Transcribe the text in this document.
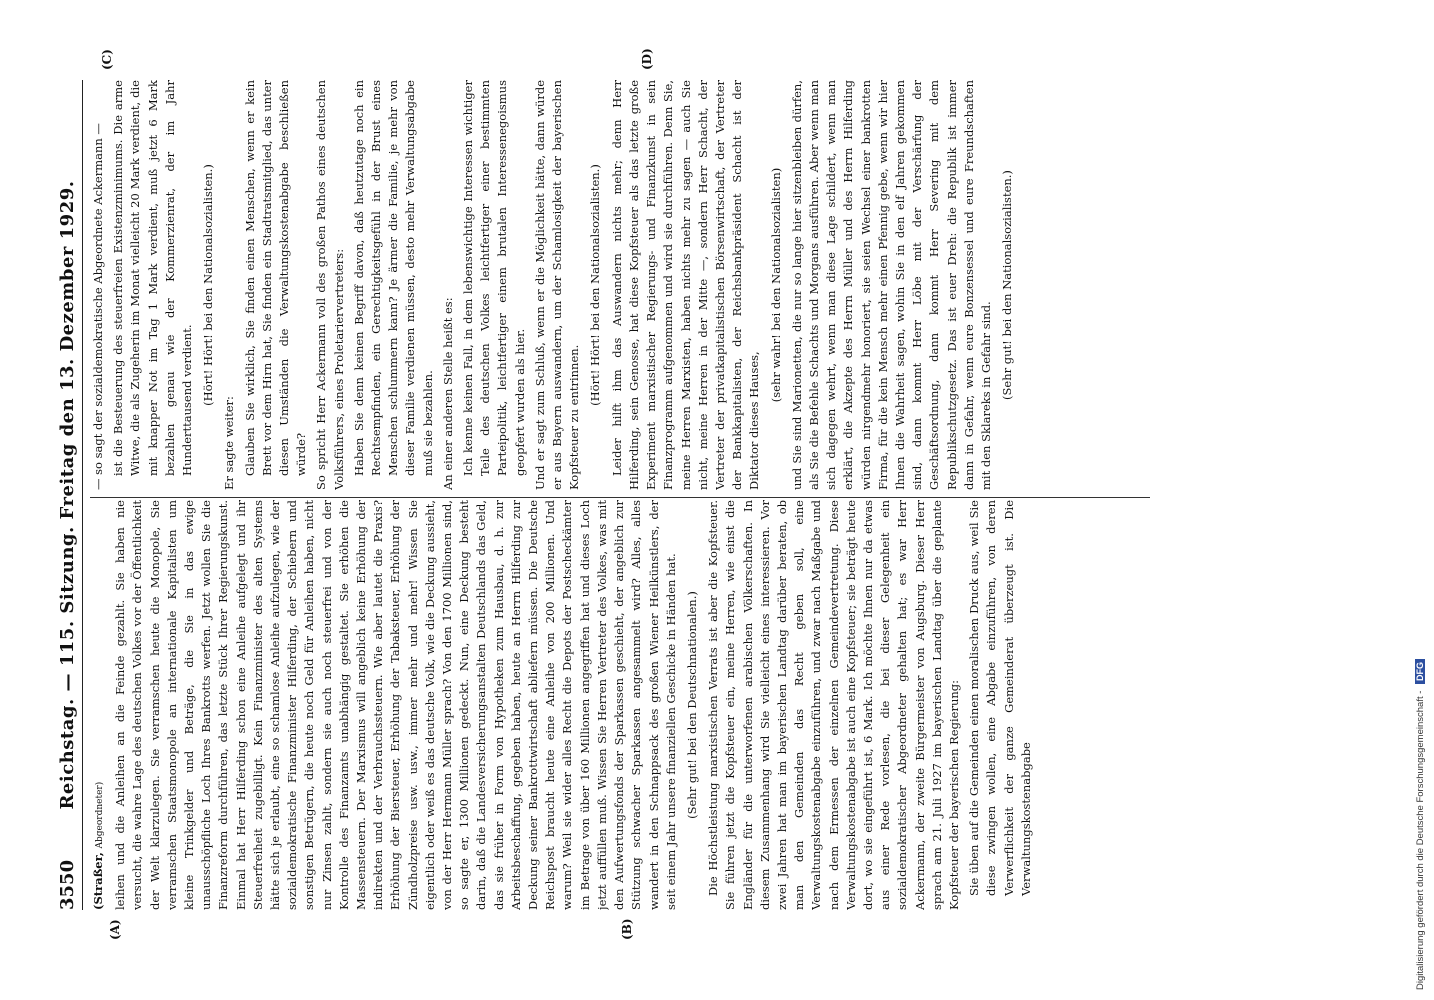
3550
Reichstag. — 115. Sitzung. Freitag den 13. Dezember 1929.
(A)	(B)
(C)	(D)

(Straßer, Abgeordneter) leihen und die Anleihen an die Feinde gezahlt. Sie haben nie versucht, die wahre Lage des deutschen Volkes vor der Öffentlichkeit der Welt klarzulegen. Sie verramschen heute die Monopole, Sie verramschen Staatsmonopole an internationale Kapitalisten um kleine Trinkgelder und Beträge, die Sie in das ewige unausschöpfliche Loch Ihres Bankrotts werfen. Jetzt wollen Sie die Finanzreform durchführen, das letzte Stück Ihrer Regierungskunst. Einmal hat Herr Hilferding schon eine Anleihe aufgelegt und ihr Steuerfreiheit zugebilligt. Kein Finanzminister des alten Systems hätte sich je erlaubt, eine so schamlose Anleihe aufzulegen, wie der sozialdemokratische Finanzminister Hilferding, der Schiebern und sonstigen Betrügern, die heute noch Geld für Anleihen haben, nicht nur Zinsen zahlt, sondern sie auch noch steuerfrei und von der Kontrolle des Finanzamts unabhängig gestaltet. Sie erhöhen die Massensteuern. Der Marxismus will angeblich keine Erhöhung der indirekten und der Verbrauchssteuern. Wie aber lautet die Praxis? Erhöhung der Biersteuer, Erhöhung der Tabaksteuer, Erhöhung der Zündholzpreise usw. usw., immer mehr und mehr! Wissen Sie eigentlich oder weiß es das deutsche Volk, wie die Deckung aussieht, von der Herr Hermann Müller sprach? Von den 1700 Millionen sind, so sagte er, 1300 Millionen gedeckt. Nun, eine Deckung besteht darin, daß die Landesversicherungsanstalten Deutschlands das Geld, das sie früher in Form von Hypotheken zum Hausbau, d. h. zur Arbeitsbeschaffung, gegeben haben, heute an Herrn Hilferding zur Deckung seiner Bankrottwirtschaft abliefern müssen. Die Deutsche Reichspost braucht heute eine Anleihe von 200 Millionen. Und warum? Weil sie wider alles Recht die Depots der Postscheckämter im Betrage von über 160 Millionen angegriffen hat und dieses Loch jetzt auffüllen muß. Wissen Sie Herren Vertreter des Volkes, was mit den Aufwertungsfonds der Sparkassen geschieht, der angeblich zur Stützung schwacher Sparkassen angesammelt wird? Alles, alles wandert in den Schnappsack des großen Wiener Heilkünstlers, der seit einem Jahr unsere finanziellen Geschicke in Händen hat. (Sehr gut! bei den Deutschnationalen.) Die Höchstleistung marxistischen Verrats ist aber die Kopfsteuer. Sie führen jetzt die Kopfsteuer ein, meine Herren, wie einst die Engländer für die unterworfenen arabischen Völkerschaften. In diesem Zusammenhang wird Sie vielleicht eines interessieren. Vor zwei Jahren hat man im bayerischen Landtag darüber beraten, ob man den Gemeinden das Recht geben soll, eine Verwaltungskostenabgabe einzuführen, und zwar nach Maßgabe und nach dem Ermessen der einzelnen Gemeindevertretung. Diese Verwaltungskostenabgabe ist auch eine Kopfsteuer; sie beträgt heute dort, wo sie eingeführt ist, 6 Mark. Ich möchte Ihnen nur da etwas aus einer Rede vorlesen, die bei dieser Gelegenheit ein sozialdemokratischer Abgeordneter gehalten hat; es war Herr Ackermann, der zweite Bürgermeister von Augsburg. Dieser Herr sprach am 21. Juli 1927 im bayerischen Landtag über die geplante Kopfsteuer der bayerischen Regierung: Sie üben auf die Gemeinden einen moralischen Druck aus, weil Sie diese zwingen wollen, eine Abgabe einzuführen, von deren Verwerflichkeit der ganze Gemeinderat überzeugt ist. Die Verwaltungskostenabgabe

— so sagt der sozialdemokratische Abgeordnete Ackermann — ist die Besteuerung des steuerfreien Existenzminimums. Die arme Witwe, die als Zugeherin im Monat vielleicht 20 Mark verdient, die mit knapper Not im Tag 1 Mark verdient, muß jetzt 6 Mark bezahlen genau wie der Kommerzienrat, der im Jahr Hunderttausend verdient. (Hört! Hört! bei den Nationalsozialisten.)

Er sagte weiter: Glauben Sie wirklich, Sie finden einen Menschen, wenn er kein Brett vor dem Hirn hat, Sie finden ein Stadtratsmitglied, das unter diesen Umständen die Verwaltungskostenabgabe beschließen würde? So spricht Herr Ackermann voll des großen Pathos eines deutschen Volksführers, eines Proletariervertreters: Haben Sie denn keinen Begriff davon, daß heutzutage noch ein Rechtsempfinden, ein Gerechtigkeitsgefühl in der Brust eines Menschen schlummern kann? Je ärmer die Familie, je mehr von dieser Familie verdienen müssen, desto mehr Verwaltungsabgabe muß sie bezahlen. An einer anderen Stelle heißt es: Ich kenne keinen Fall, in dem lebenswichtige Interessen wichtiger Teile des deutschen Volkes leichtfertiger einer bestimmten Parteipolitik, leichtfertiger einem brutalen Interessenegoismus geopfert wurden als hier. Und er sagt zum Schluß, wenn er die Möglichkeit hätte, dann würde er aus Bayern auswandern, um der Schamlosigkeit der bayerischen Kopfsteuer zu entrinnen.

(Hört! Hört! bei den Nationalsozialisten.) Leider hilft ihm das Auswandern nichts mehr; denn Herr Hilferding, sein Genosse, hat diese Kopfsteuer als das letzte große Experiment marxistischer Regierungs- und Finanzkunst in sein Finanzprogramm aufgenommen und wird sie durchführen. Denn Sie, meine Herren Marxisten, haben nichts mehr zu sagen — auch Sie nicht, meine Herren in der Mitte —, sondern Herr Schacht, der Vertreter der privatkapitalistischen Börsenwirtschaft, der Vertreter der Bankkapitalisten, der Reichsbankpräsident Schacht ist der Diktator dieses Hauses,

(sehr wahr! bei den Nationalsozialisten) und Sie sind Marionetten, die nur so lange hier sitzenbleiben dürfen, als Sie die Befehle Schachts und Morgans ausführen. Aber wenn man sich dagegen wehrt, wenn man diese Lage schildert, wenn man erklärt, die Akzepte des Herrn Müller und des Herrn Hilferding würden nirgendmehr honoriert, sie seien Wechsel einer bankrotten Firma, für die kein Mensch mehr einen Pfennig gebe, wenn wir hier Ihnen die Wahrheit sagen, wohin Sie in den elf Jahren gekommen sind, dann kommt Herr Löbe mit der Verschärfung der Geschäftsordnung, dann kommt Herr Severing mit dem Republikschutzgesetz. Das ist euer Dreh: die Republik ist immer dann in Gefahr, wenn eure Bonzensessel und eure Freundschaften mit den Sklareks in Gefahr sind. (Sehr gut! bei den Nationalsozialisten.)

Digitalisierung gefördert durch die Deutsche Forschungsgemeinschaft - DFG
